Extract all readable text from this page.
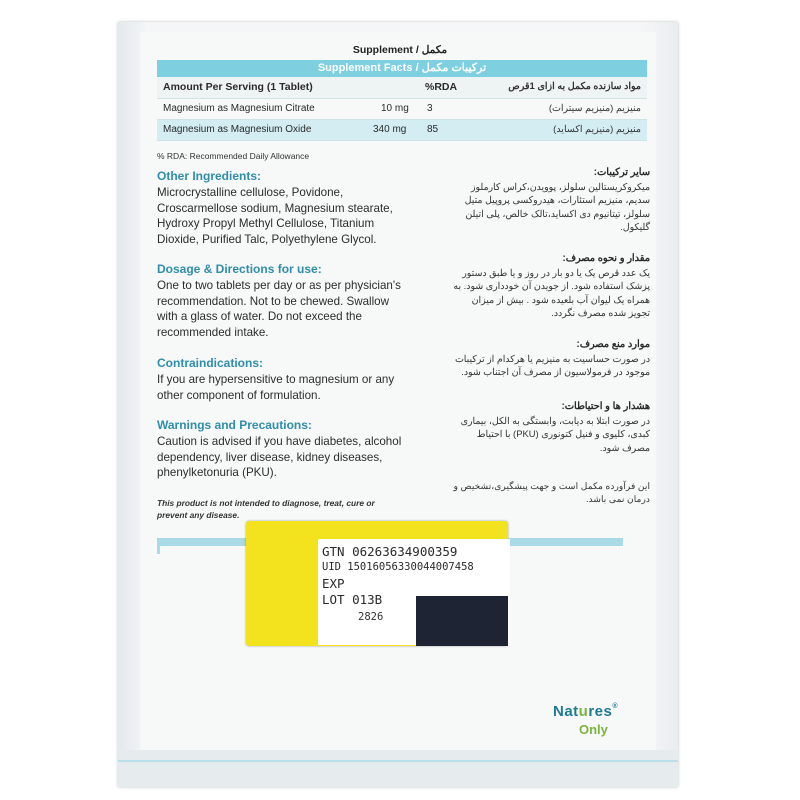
Supplement / مکمل
Supplement Facts / ترکیبات مکمل
Amount Per Serving (1 Tablet)	%RDA	مواد سازنده مکمل به ازای 1قرص
Magnesium as Magnesium Citrate	10 mg 3	منیزیم (منیزیم سیترات)
Magnesium as Magnesium Oxide	340 mg 85	منیزیم (منیزیم اکساید)
% RDA: Recommended Daily Allowance
Other Ingredients:
Microcrystalline cellulose, Povidone, Croscarmellose sodium, Magnesium stearate, Hydroxy Propyl Methyl Cellulose, Titanium Dioxide, Purified Talc, Polyethylene Glycol.
Dosage & Directions for use:
One to two tablets per day or as per physician's recommendation. Not to be chewed. Swallow with a glass of water. Do not exceed the recommended intake.
Contraindications:
If you are hypersensitive to magnesium or any other component of formulation.
Warnings and Precautions:
Caution is advised if you have diabetes, alcohol dependency, liver disease, kidney diseases, phenylketonuria (PKU).
سایر ترکیبات:
میکروکریستالین سلولز، پوویدن،کراس کارملوز سدیم، منیزیم استئارات، هیدروکسی پروپیل متیل سلولز، تیتانیوم دی اکساید،تالک خالص، پلی اتیلن گلیکول.
مقدار و نحوه مصرف:
یک عدد قرص یک یا دو بار در روز و یا طبق دستور پزشک استفاده شود. از جویدن آن خودداری شود. به همراه یک لیوان آب بلعیده شود . بیش از میزان تجویز شده مصرف نگردد.
موارد منع مصرف:
در صورت حساسیت به منیزیم یا هرکدام از ترکیبات موجود در فرمولاسیون از مصرف آن اجتناب شود.
هشدار ها و احتیاطات:
در صورت ابتلا به دیابت، وابستگی به الکل، بیماری کبدی، کلیوی و فنیل کتونوری (PKU) با احتیاط مصرف شود.
This product is not intended to diagnose, treat, cure or prevent any disease.
این فرآورده مکمل است و جهت پیشگیری،تشخیص و درمان نمی باشد.
GTN 06263634900359
UID 15016056330044007458
EXP
LOT 013B
2826
Natures®
Only
